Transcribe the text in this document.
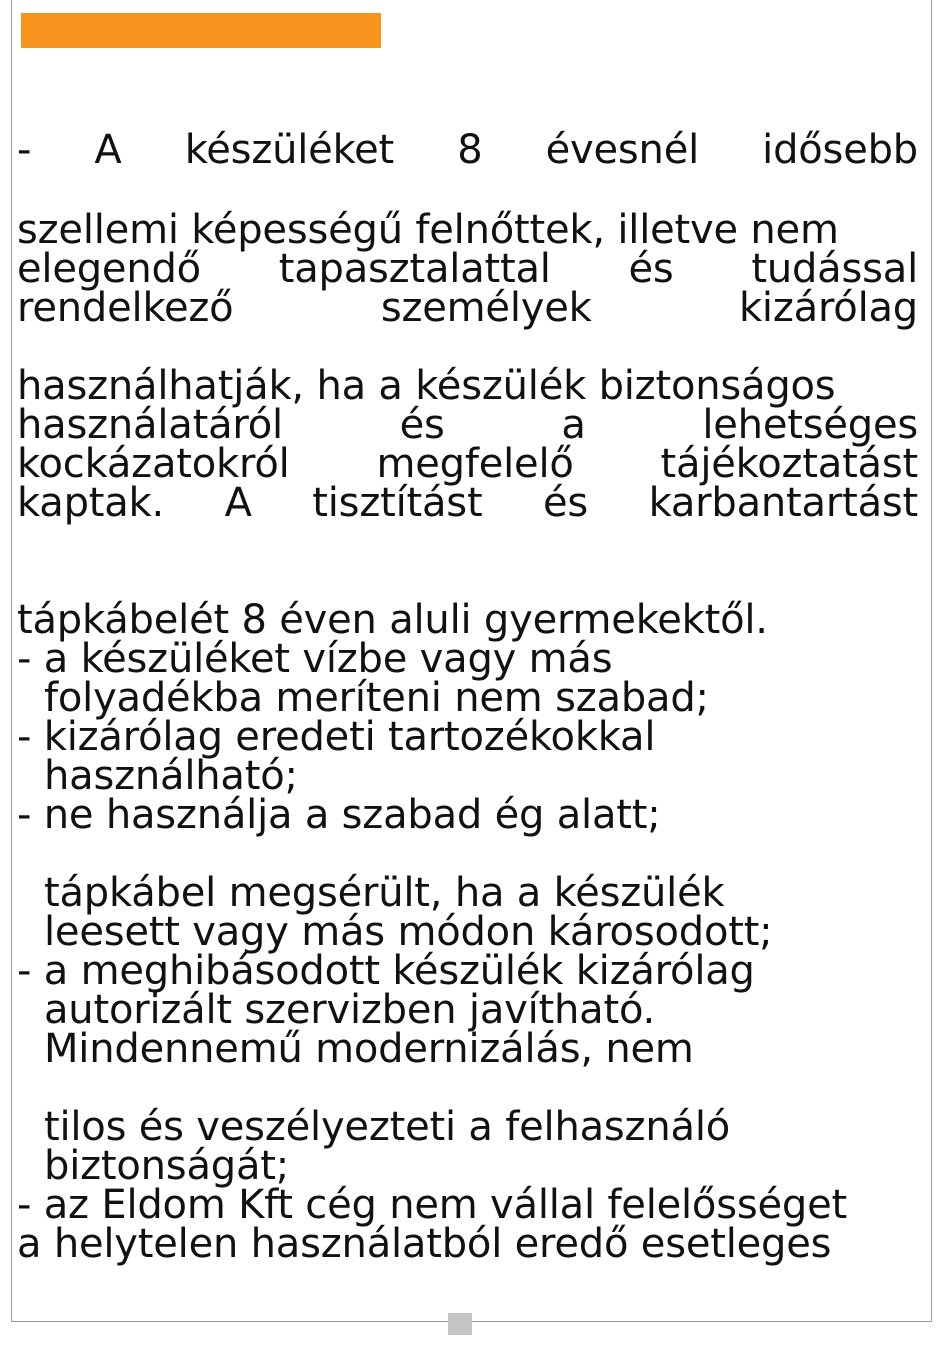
- A készüléket 8 évesnél idősebb
szellemi képességű felnőttek, illetve nem
elegendő tapasztalattal és tudással
rendelkező személyek kizárólag
használhatják, ha a készülék biztonságos
használatáról és a lehetséges
kockázatokról megfelelő tájékoztatást
kaptak. A tisztítást és karbantartást
tápkábelét 8 éven aluli gyermekektől.
- a készüléket vízbe vagy más
folyadékba meríteni nem szabad;
- kizárólag eredeti tartozékokkal
használható;
- ne használja a szabad ég alatt;
tápkábel megsérült, ha a készülék
leesett vagy más módon károsodott;
- a meghibásodott készülék kizárólag
autorizált szervizben javítható.
Mindennemű modernizálás, nem
tilos és veszélyezteti a felhasználó
biztonságát;
- az Eldom Kft cég nem vállal felelősséget
a helytelen használatból eredő esetleges
